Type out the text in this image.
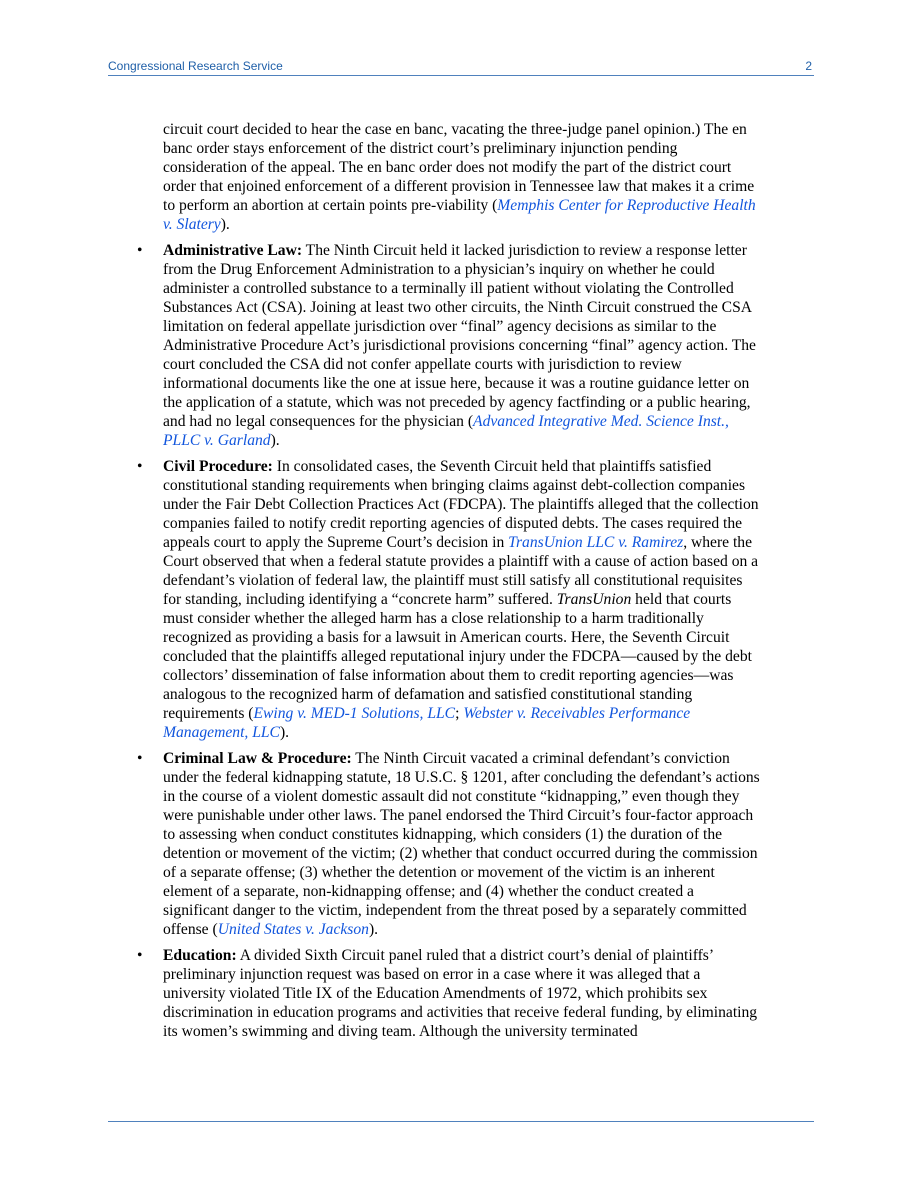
Congressional Research Service	2

circuit court decided to hear the case en banc, vacating the three-judge panel opinion.) The en banc order stays enforcement of the district court’s preliminary injunction pending consideration of the appeal. The en banc order does not modify the part of the district court order that enjoined enforcement of a different provision in Tennessee law that makes it a crime to perform an abortion at certain points pre-viability (Memphis Center for Reproductive Health v. Slatery).

• Administrative Law: The Ninth Circuit held it lacked jurisdiction to review a response letter from the Drug Enforcement Administration to a physician’s inquiry on whether he could administer a controlled substance to a terminally ill patient without violating the Controlled Substances Act (CSA). Joining at least two other circuits, the Ninth Circuit construed the CSA limitation on federal appellate jurisdiction over “final” agency decisions as similar to the Administrative Procedure Act’s jurisdictional provisions concerning “final” agency action. The court concluded the CSA did not confer appellate courts with jurisdiction to review informational documents like the one at issue here, because it was a routine guidance letter on the application of a statute, which was not preceded by agency factfinding or a public hearing, and had no legal consequences for the physician (Advanced Integrative Med. Science Inst., PLLC v. Garland).

• Civil Procedure: In consolidated cases, the Seventh Circuit held that plaintiffs satisfied constitutional standing requirements when bringing claims against debt-collection companies under the Fair Debt Collection Practices Act (FDCPA). The plaintiffs alleged that the collection companies failed to notify credit reporting agencies of disputed debts. The cases required the appeals court to apply the Supreme Court’s decision in TransUnion LLC v. Ramirez, where the Court observed that when a federal statute provides a plaintiff with a cause of action based on a defendant’s violation of federal law, the plaintiff must still satisfy all constitutional requisites for standing, including identifying a “concrete harm” suffered. TransUnion held that courts must consider whether the alleged harm has a close relationship to a harm traditionally recognized as providing a basis for a lawsuit in American courts. Here, the Seventh Circuit concluded that the plaintiffs alleged reputational injury under the FDCPA—caused by the debt collectors’ dissemination of false information about them to credit reporting agencies—was analogous to the recognized harm of defamation and satisfied constitutional standing requirements (Ewing v. MED-1 Solutions, LLC; Webster v. Receivables Performance Management, LLC).

• Criminal Law & Procedure: The Ninth Circuit vacated a criminal defendant’s conviction under the federal kidnapping statute, 18 U.S.C. § 1201, after concluding the defendant’s actions in the course of a violent domestic assault did not constitute “kidnapping,” even though they were punishable under other laws. The panel endorsed the Third Circuit’s four-factor approach to assessing when conduct constitutes kidnapping, which considers (1) the duration of the detention or movement of the victim; (2) whether that conduct occurred during the commission of a separate offense; (3) whether the detention or movement of the victim is an inherent element of a separate, non-kidnapping offense; and (4) whether the conduct created a significant danger to the victim, independent from the threat posed by a separately committed offense (United States v. Jackson).

• Education: A divided Sixth Circuit panel ruled that a district court’s denial of plaintiffs’ preliminary injunction request was based on error in a case where it was alleged that a university violated Title IX of the Education Amendments of 1972, which prohibits sex discrimination in education programs and activities that receive federal funding, by eliminating its women’s swimming and diving team. Although the university terminated
